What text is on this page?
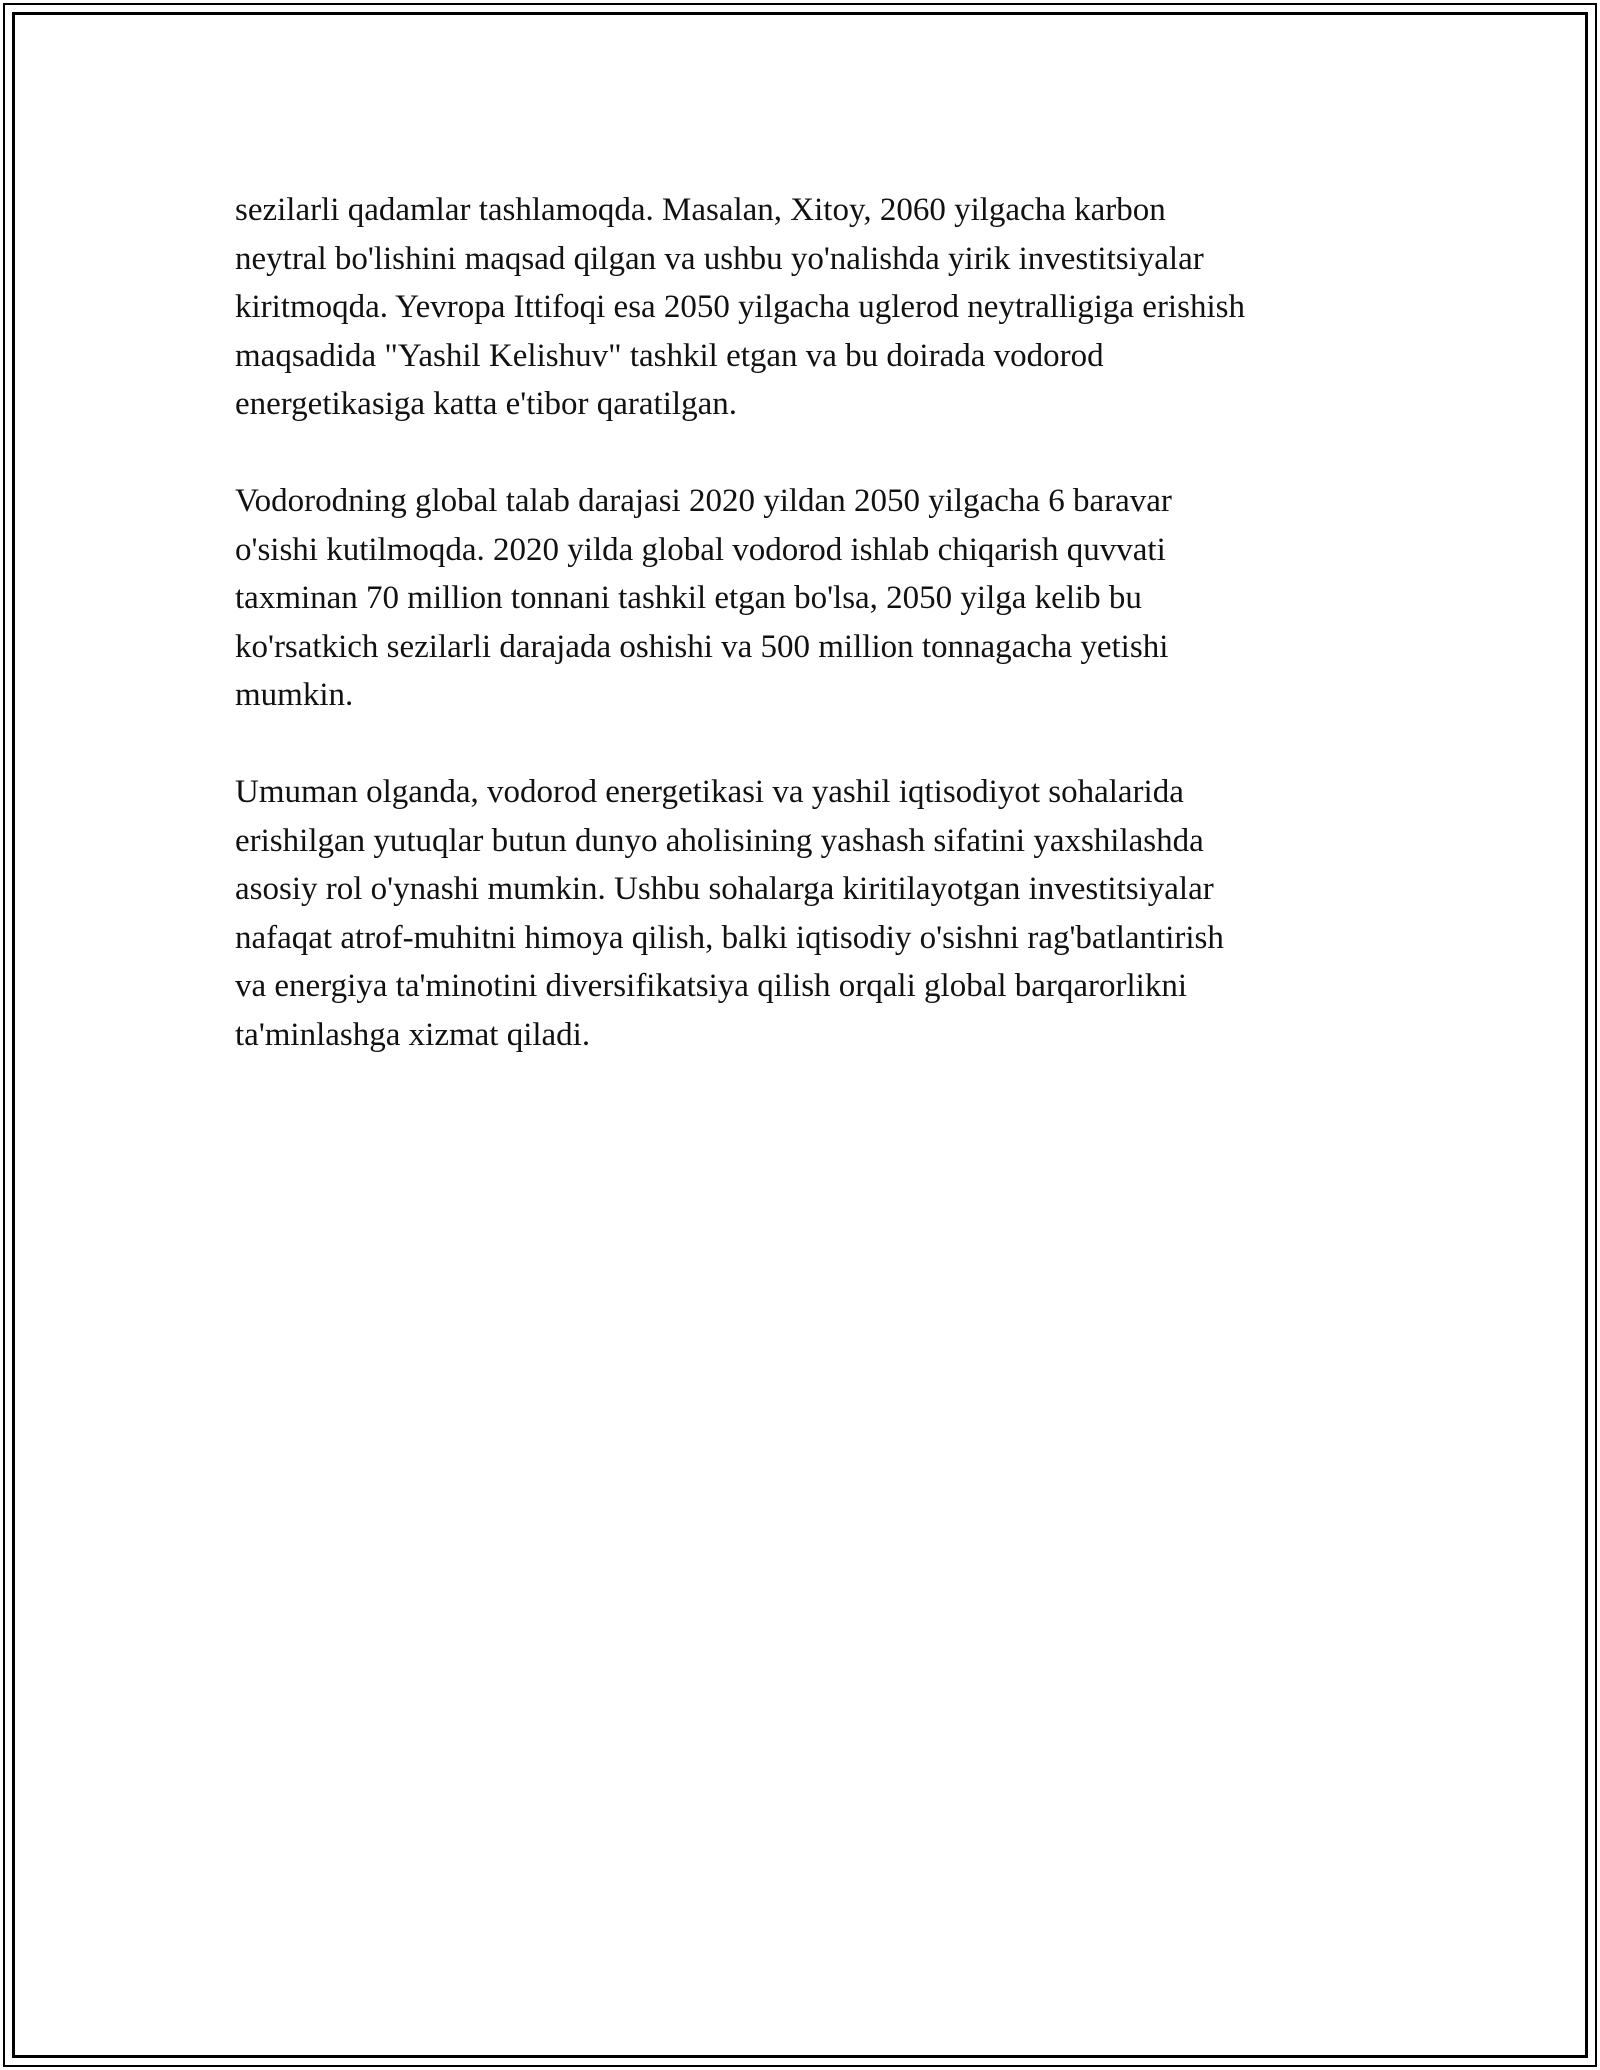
sezilarli qadamlar tashlamoqda. Masalan, Xitoy, 2060 yilgacha karbon
neytral bo'lishini maqsad qilgan va ushbu yo'nalishda yirik investitsiyalar
kiritmoqda. Yevropa Ittifoqi esa 2050 yilgacha uglerod neytralligiga erishish
maqsadida "Yashil Kelishuv" tashkil etgan va bu doirada vodorod
energetikasiga katta e'tibor qaratilgan.

Vodorodning global talab darajasi 2020 yildan 2050 yilgacha 6 baravar
o'sishi kutilmoqda. 2020 yilda global vodorod ishlab chiqarish quvvati
taxminan 70 million tonnani tashkil etgan bo'lsa, 2050 yilga kelib bu
ko'rsatkich sezilarli darajada oshishi va 500 million tonnagacha yetishi
mumkin.

Umuman olganda, vodorod energetikasi va yashil iqtisodiyot sohalarida
erishilgan yutuqlar butun dunyo aholisining yashash sifatini yaxshilashda
asosiy rol o'ynashi mumkin. Ushbu sohalarga kiritilayotgan investitsiyalar
nafaqat atrof-muhitni himoya qilish, balki iqtisodiy o'sishni rag'batlantirish
va energiya ta'minotini diversifikatsiya qilish orqali global barqarorlikni
ta'minlashga xizmat qiladi.
